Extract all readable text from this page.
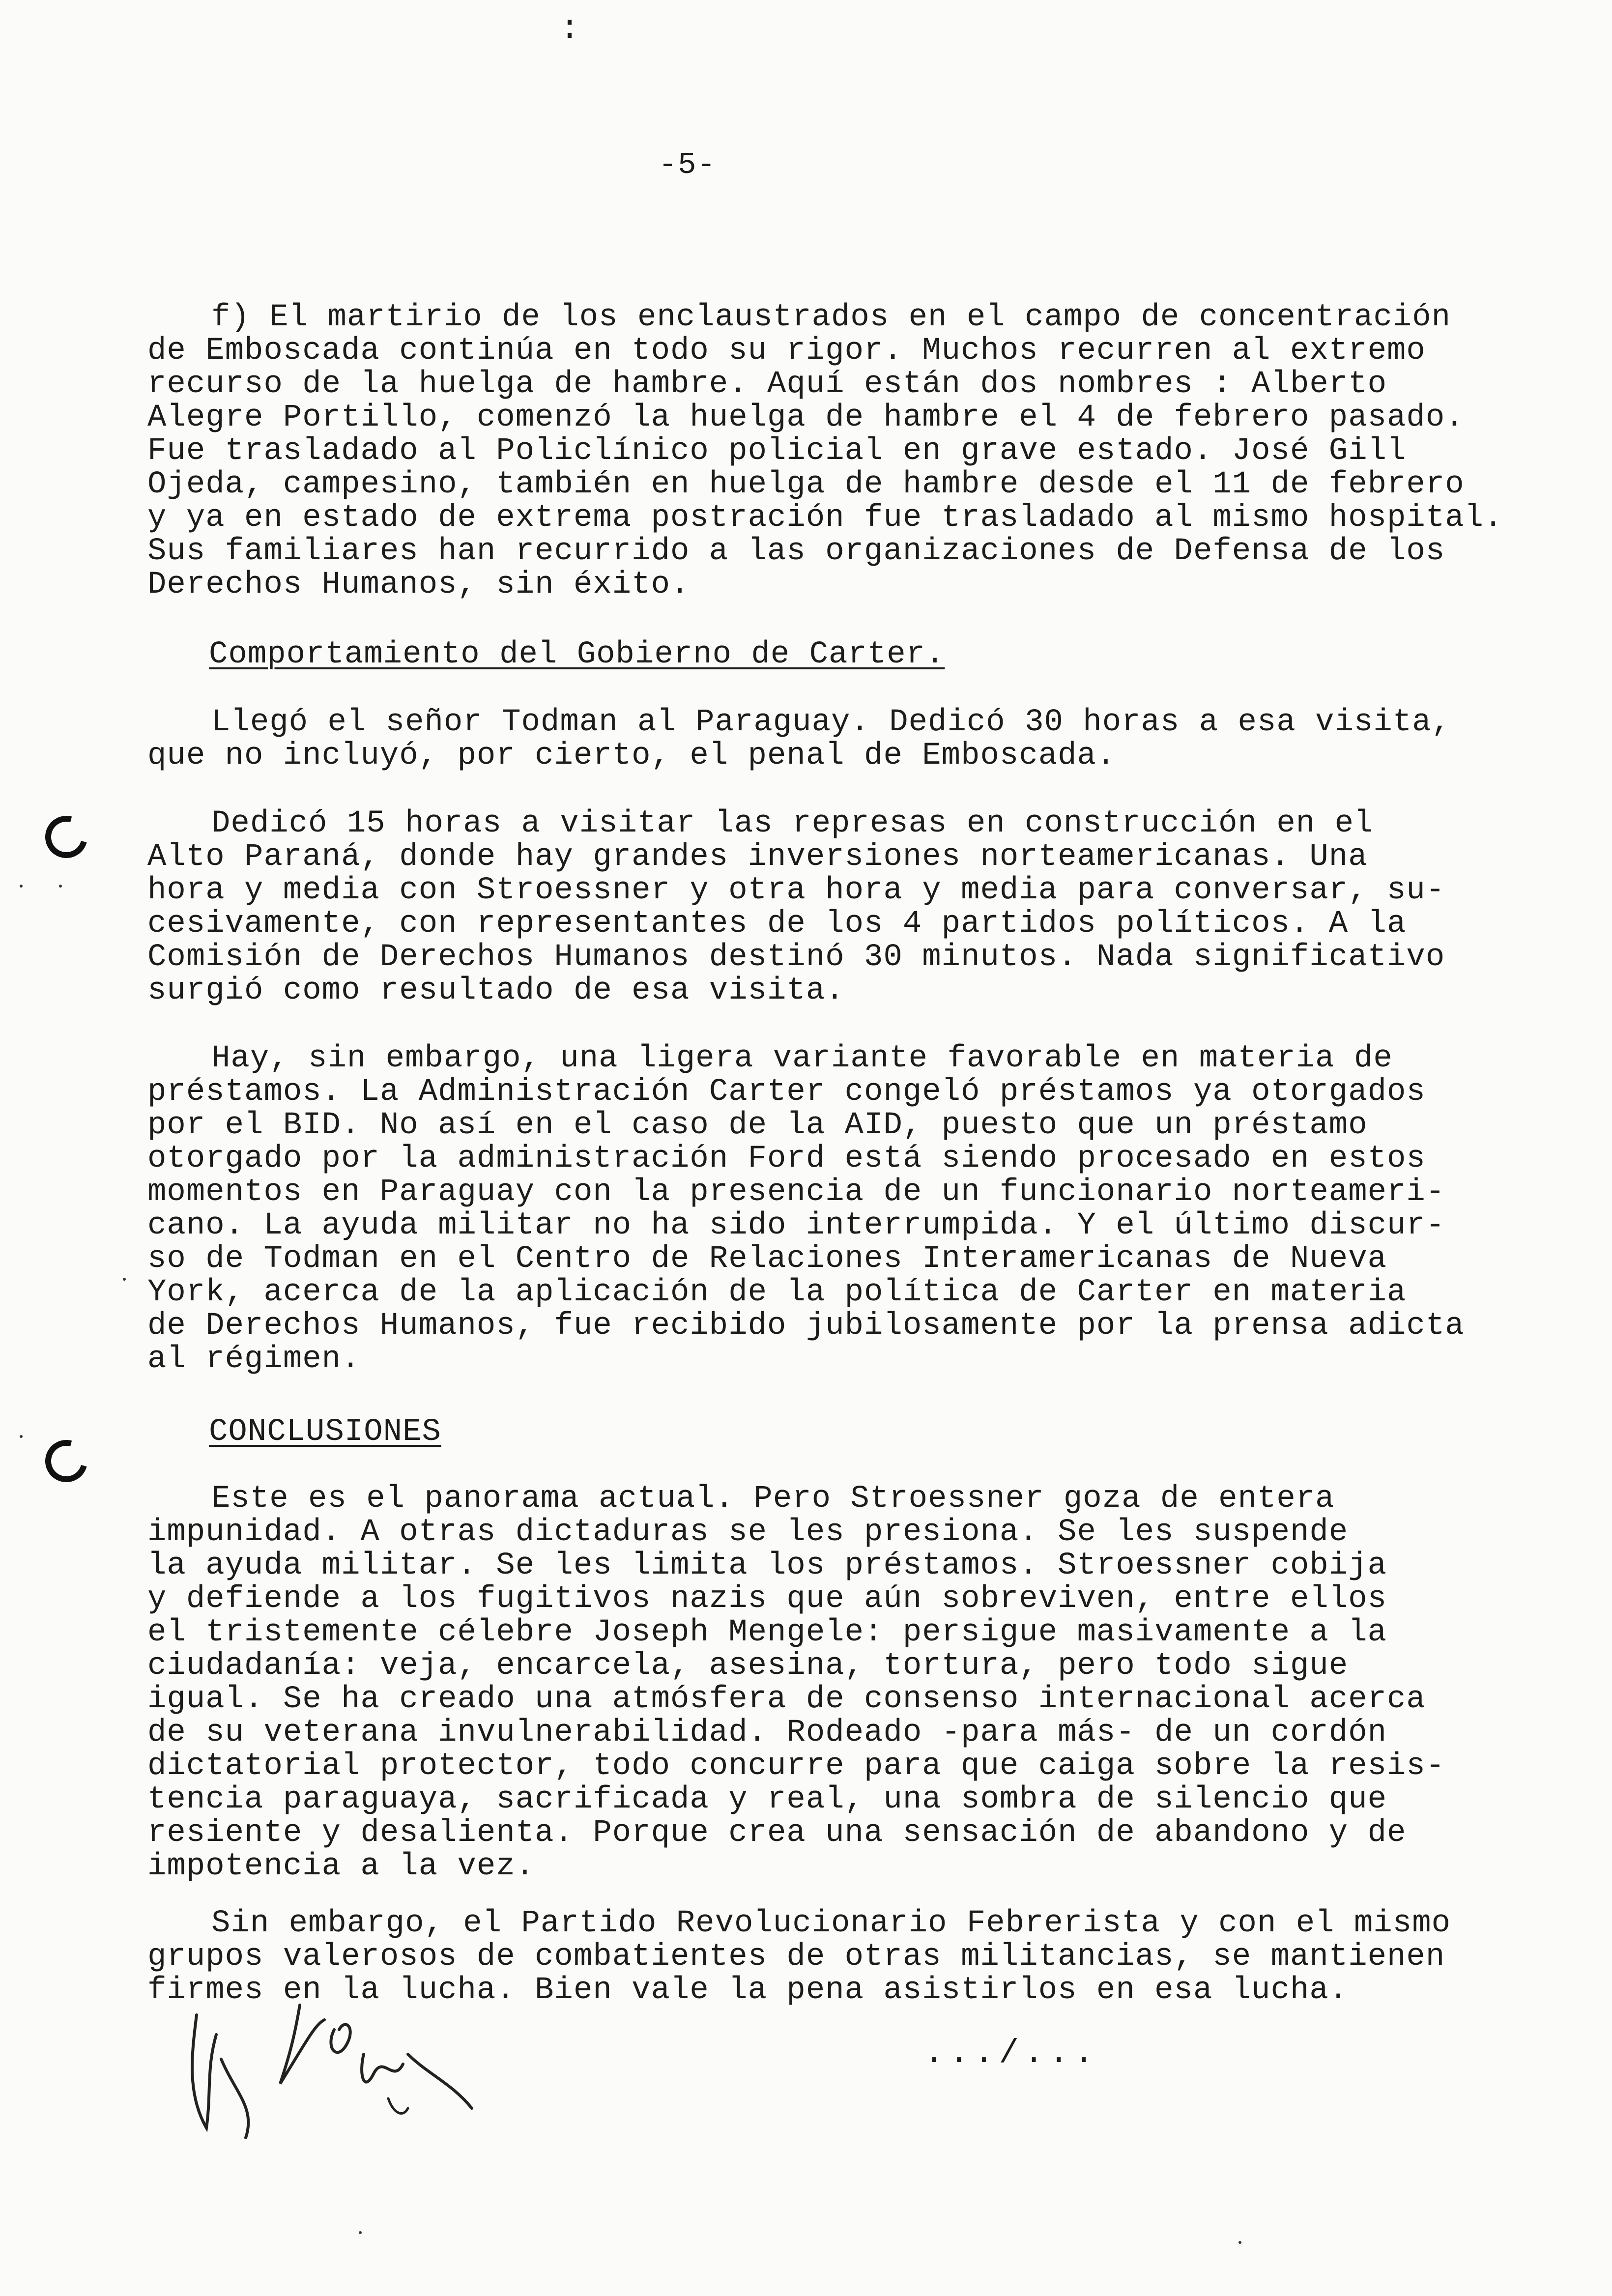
:
-5-

f) El martirio de los enclaustrados en el campo de concentración
de Emboscada continúa en todo su rigor. Muchos recurren al extremo
recurso de la huelga de hambre. Aquí están dos nombres : Alberto
Alegre Portillo, comenzó la huelga de hambre el 4 de febrero pasado.
Fue trasladado al Policlínico policial en grave estado. José Gill
Ojeda, campesino, también en huelga de hambre desde el 11 de febrero
y ya en estado de extrema postración fue trasladado al mismo hospital.
Sus familiares han recurrido a las organizaciones de Defensa de los
Derechos Humanos, sin éxito.

Comportamiento del Gobierno de Carter.

Llegó el señor Todman al Paraguay. Dedicó 30 horas a esa visita,
que no incluyó, por cierto, el penal de Emboscada.

Dedicó 15 horas a visitar las represas en construcción en el
Alto Paraná, donde hay grandes inversiones norteamericanas. Una
hora y media con Stroessner y otra hora y media para conversar, su-
cesivamente, con representantes de los 4 partidos políticos. A la
Comisión de Derechos Humanos destinó 30 minutos. Nada significativo
surgió como resultado de esa visita.

Hay, sin embargo, una ligera variante favorable en materia de
préstamos. La Administración Carter congeló préstamos ya otorgados
por el BID. No así en el caso de la AID, puesto que un préstamo
otorgado por la administración Ford está siendo procesado en estos
momentos en Paraguay con la presencia de un funcionario norteameri-
cano. La ayuda militar no ha sido interrumpida. Y el último discur-
so de Todman en el Centro de Relaciones Interamericanas de Nueva
York, acerca de la aplicación de la política de Carter en materia
de Derechos Humanos, fue recibido jubilosamente por la prensa adicta
al régimen.

CONCLUSIONES

Este es el panorama actual. Pero Stroessner goza de entera
impunidad. A otras dictaduras se les presiona. Se les suspende
la ayuda militar. Se les limita los préstamos. Stroessner cobija
y defiende a los fugitivos nazis que aún sobreviven, entre ellos
el tristemente célebre Joseph Mengele: persigue masivamente a la
ciudadanía: veja, encarcela, asesina, tortura, pero todo sigue
igual. Se ha creado una atmósfera de consenso internacional acerca
de su veterana invulnerabilidad. Rodeado -para más- de un cordón
dictatorial protector, todo concurre para que caiga sobre la resis-
tencia paraguaya, sacrificada y real, una sombra de silencio que
resiente y desalienta. Porque crea una sensación de abandono y de
impotencia a la vez.

Sin embargo, el Partido Revolucionario Febrerista y con el mismo
grupos valerosos de combatientes de otras militancias, se mantienen
firmes en la lucha. Bien vale la pena asistirlos en esa lucha.

.../...
